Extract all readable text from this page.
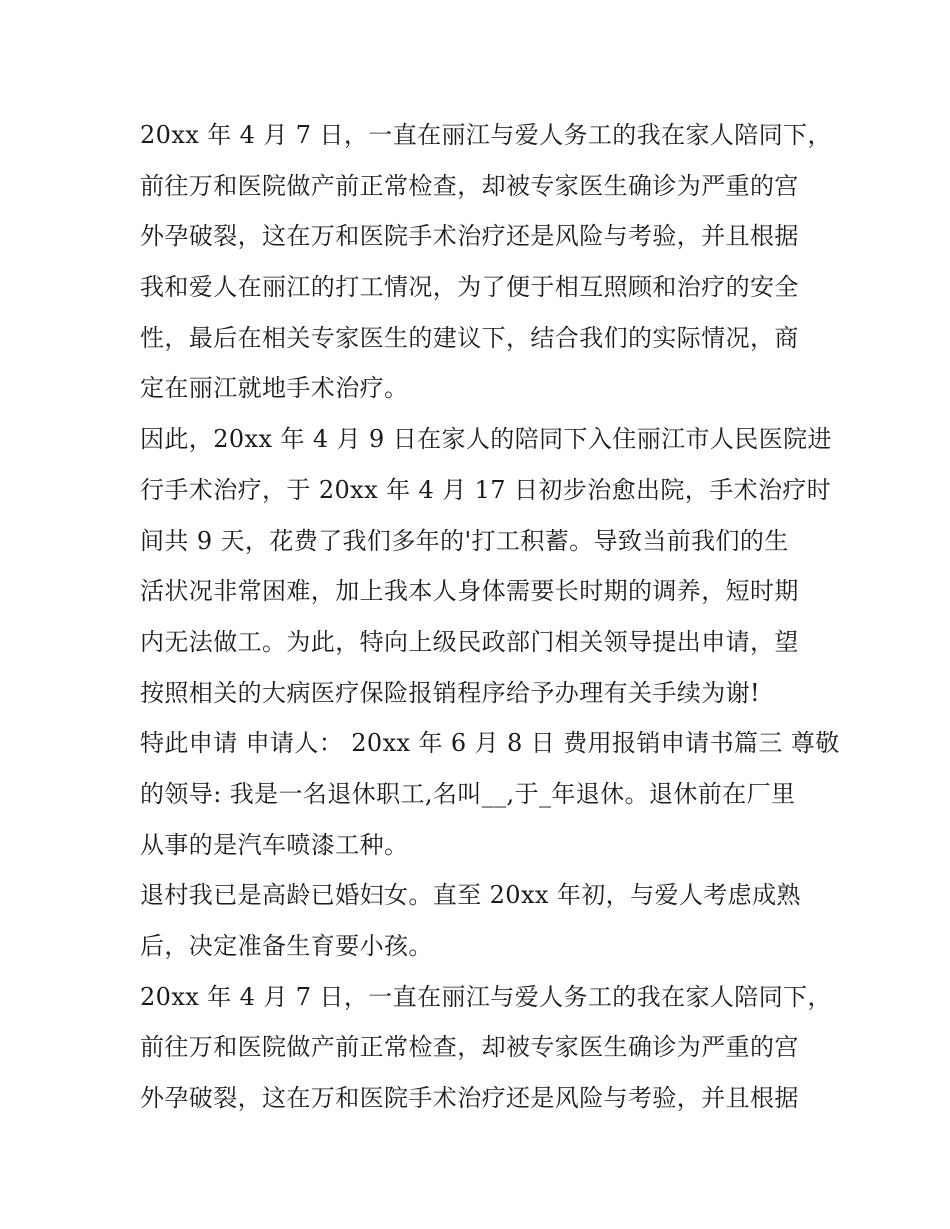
20xx 年 4 月 7 日，一直在丽江与爱人务工的我在家人陪同下，
前往万和医院做产前正常检查，却被专家医生确诊为严重的宫
外孕破裂，这在万和医院手术治疗还是风险与考验，并且根据
我和爱人在丽江的打工情况，为了便于相互照顾和治疗的安全
性，最后在相关专家医生的建议下，结合我们的实际情况，商
定在丽江就地手术治疗。
因此，20xx 年 4 月 9 日在家人的陪同下入住丽江市人民医院进
行手术治疗，于 20xx 年 4 月 17 日初步治愈出院，手术治疗时
间共 9 天，花费了我们多年的'打工积蓄。导致当前我们的生
活状况非常困难，加上我本人身体需要长时期的调养，短时期
内无法做工。为此，特向上级民政部门相关领导提出申请，望
按照相关的大病医疗保险报销程序给予办理有关手续为谢!
特此申请 申请人： 20xx 年 6 月 8 日 费用报销申请书篇三 尊敬
的领导: 我是一名退休职工,名叫__,于_年退休。退休前在厂里
从事的是汽车喷漆工种。
退村我已是高龄已婚妇女。直至 20xx 年初，与爱人考虑成熟
后，决定准备生育要小孩。
20xx 年 4 月 7 日，一直在丽江与爱人务工的我在家人陪同下，
前往万和医院做产前正常检查，却被专家医生确诊为严重的宫
外孕破裂，这在万和医院手术治疗还是风险与考验，并且根据
